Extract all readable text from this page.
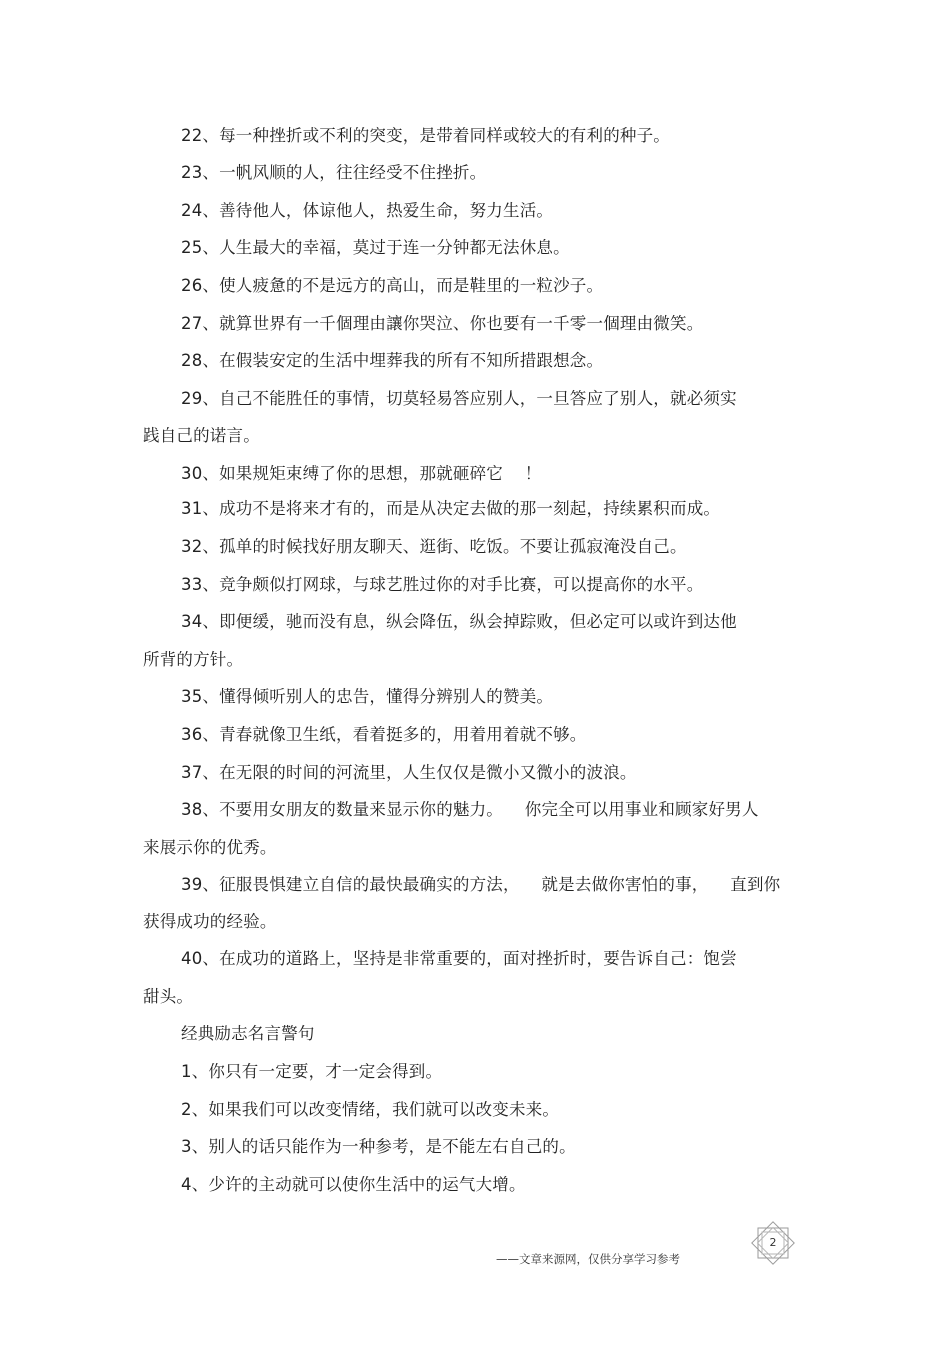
22、每一种挫折或不利的突变，是带着同样或较大的有利的种子。
23、一帆风顺的人，往往经受不住挫折。
24、善待他人，体谅他人，热爱生命，努力生活。
25、人生最大的幸福，莫过于连一分钟都无法休息。
26、使人疲惫的不是远方的高山，而是鞋里的一粒沙子。
27、就算世界有一千個理由讓你哭泣、你也要有一千零一個理由微笑。
28、在假装安定的生活中埋葬我的所有不知所措跟想念。
29、自己不能胜任的事情，切莫轻易答应别人，一旦答应了别人，就必须实
践自己的诺言。
30、如果规矩束缚了你的思想，那就砸碎它    ！
31、成功不是将来才有的，而是从决定去做的那一刻起，持续累积而成。
32、孤单的时候找好朋友聊天、逛街、吃饭。不要让孤寂淹没自己。
33、竞争颇似打网球，与球艺胜过你的对手比赛，可以提高你的水平。
34、即便缓，驰而没有息，纵会降伍，纵会掉踪败，但必定可以或许到达他
所背的方针。
35、懂得倾听别人的忠告，懂得分辨别人的赞美。
36、青春就像卫生纸，看着挺多的，用着用着就不够。
37、在无限的时间的河流里，人生仅仅是微小又微小的波浪。
38、不要用女朋友的数量来显示你的魅力。    你完全可以用事业和顾家好男人
来展示你的优秀。
39、征服畏惧建立自信的最快最确实的方法，    就是去做你害怕的事，    直到你
获得成功的经验。
40、在成功的道路上，坚持是非常重要的，面对挫折时，要告诉自己：饱尝
甜头。
经典励志名言警句
1、你只有一定要，才一定会得到。
2、如果我们可以改变情绪，我们就可以改变未来。
3、别人的话只能作为一种参考，是不能左右自己的。
4、少许的主动就可以使你生活中的运气大增。
——文章来源网，仅供分享学习参考
2
